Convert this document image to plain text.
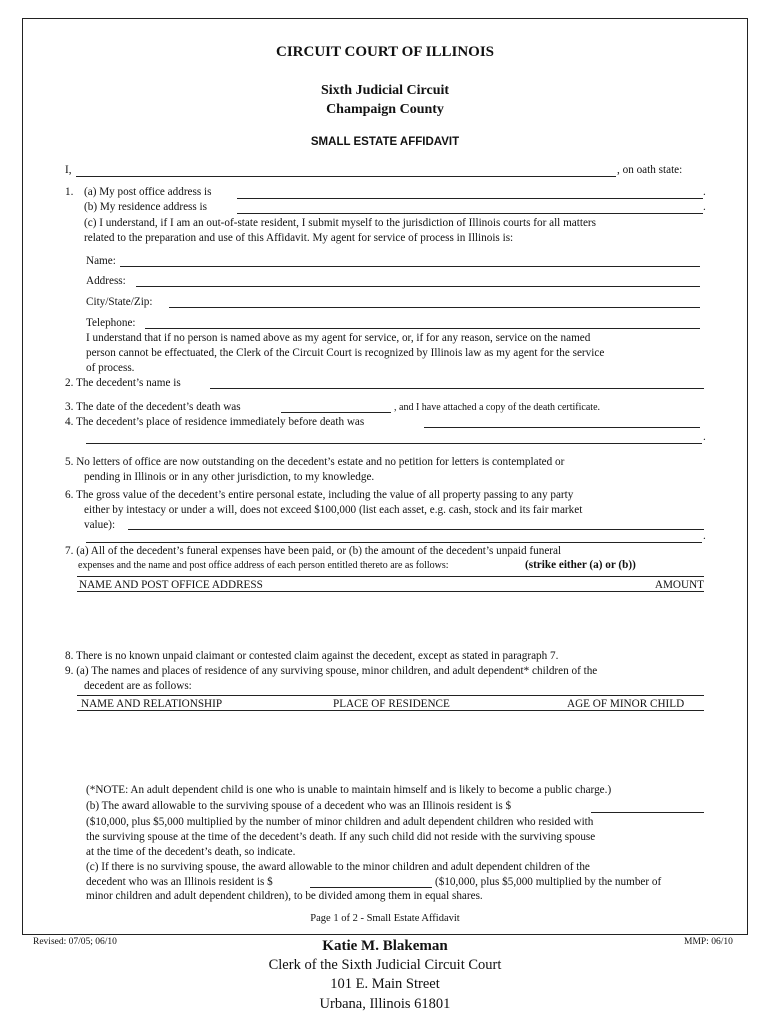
CIRCUIT COURT OF ILLINOIS
Sixth Judicial Circuit
Champaign County
SMALL ESTATE AFFIDAVIT
I,	, on oath state:
1. (a) My post office address is	.
(b) My residence address is	.
(c) I understand, if I am an out-of-state resident, I submit myself to the jurisdiction of Illinois courts for all matters
related to the preparation and use of this Affidavit. My agent for service of process in Illinois is:
Name:
Address:
City/State/Zip:
Telephone:
I understand that if no person is named above as my agent for service, or, if for any reason, service on the named
person cannot be effectuated, the Clerk of the Circuit Court is recognized by Illinois law as my agent for the service
of process.
2. The decedent’s name is
3. The date of the decedent’s death was	, and I have attached a copy of the death certificate.
4. The decedent’s place of residence immediately before death was
.
5. No letters of office are now outstanding on the decedent’s estate and no petition for letters is contemplated or
pending in Illinois or in any other jurisdiction, to my knowledge.
6. The gross value of the decedent’s entire personal estate, including the value of all property passing to any party
either by intestacy or under a will, does not exceed $100,000 (list each asset, e.g. cash, stock and its fair market
value):
.
7. (a) All of the decedent’s funeral expenses have been paid, or (b) the amount of the decedent’s unpaid funeral
expenses and the name and post office address of each person entitled thereto are as follows:	(strike either (a) or (b))
NAME AND POST OFFICE ADDRESS	AMOUNT
8. There is no known unpaid claimant or contested claim against the decedent, except as stated in paragraph 7.
9. (a) The names and places of residence of any surviving spouse, minor children, and adult dependent* children of the
decedent are as follows:
NAME AND RELATIONSHIP	PLACE OF RESIDENCE	AGE OF MINOR CHILD
(*NOTE: An adult dependent child is one who is unable to maintain himself and is likely to become a public charge.)
(b) The award allowable to the surviving spouse of a decedent who was an Illinois resident is $
($10,000, plus $5,000 multiplied by the number of minor children and adult dependent children who resided with
the surviving spouse at the time of the decedent’s death. If any such child did not reside with the surviving spouse
at the time of the decedent’s death, so indicate.
(c) If there is no surviving spouse, the award allowable to the minor children and adult dependent children of the
decedent who was an Illinois resident is $	($10,000, plus $5,000 multiplied by the number of
minor children and adult dependent children), to be divided among them in equal shares.
Page 1 of 2 - Small Estate Affidavit
Revised: 07/05; 06/10	MMP: 06/10
Katie M. Blakeman
Clerk of the Sixth Judicial Circuit Court
101 E. Main Street
Urbana, Illinois 61801
